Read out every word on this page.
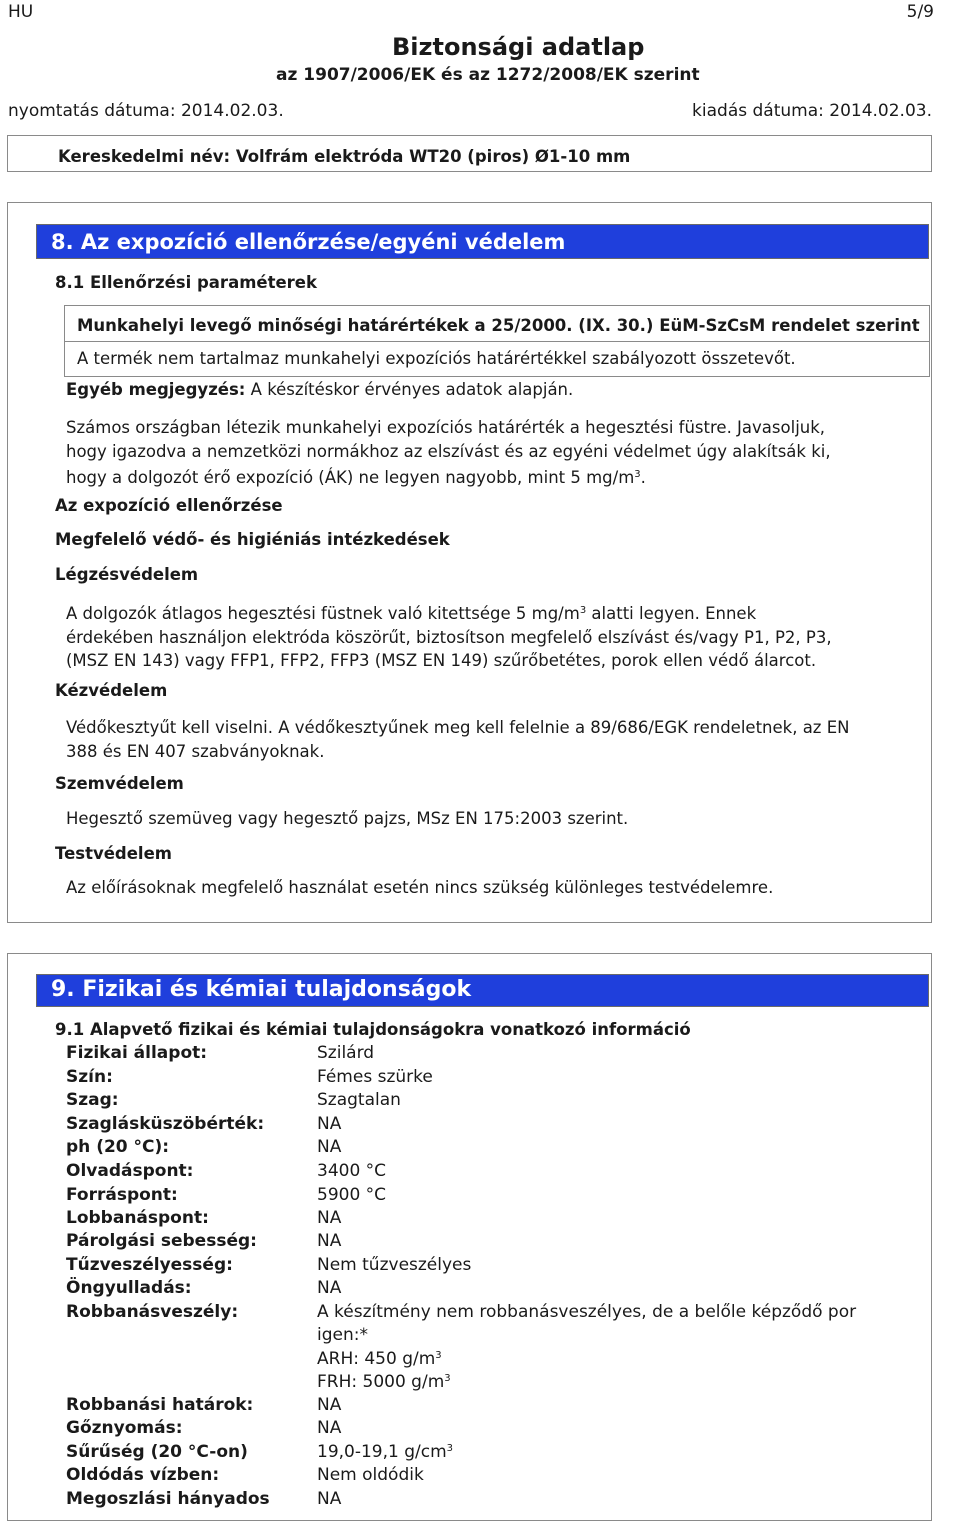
HU	5/9
Biztonsági adatlap
az 1907/2006/EK és az 1272/2008/EK szerint
nyomtatás dátuma: 2014.02.03.	kiadás dátuma: 2014.02.03.
Kereskedelmi név: Volfrám elektróda WT20 (piros) Ø1-10 mm
8. Az expozíció ellenőrzése/egyéni védelem
8.1 Ellenőrzési paraméterek
Munkahelyi levegő minőségi határértékek a 25/2000. (IX. 30.) EüM-SzCsM rendelet szerint
A termék nem tartalmaz munkahelyi expozíciós határértékkel szabályozott összetevőt.
Egyéb megjegyzés: A készítéskor érvényes adatok alapján.
Számos országban létezik munkahelyi expozíciós határérték a hegesztési füstre. Javasoljuk,
hogy igazodva a nemzetközi normákhoz az elszívást és az egyéni védelmet úgy alakítsák ki,
hogy a dolgozót érő expozíció (ÁK) ne legyen nagyobb, mint 5 $mg/m^3$.
Az expozíció ellenőrzése
Megfelelő védő- és higiéniás intézkedések
Légzésvédelem
A dolgozók átlagos hegesztési füstnek való kitettsége 5 $mg/m^3$ alatti legyen. Ennek
érdekében használjon elektróda köszörűt, biztosítson megfelelő elszívást és/vagy P1, P2, P3,
(MSZ EN 143) vagy FFP1, FFP2, FFP3 (MSZ EN 149) szűrőbetétes, porok ellen védő álarcot.
Kézvédelem
Védőkesztyűt kell viselni. A védőkesztyűnek meg kell felelnie a 89/686/EGK rendeletnek, az EN
388 és EN 407 szabványoknak.
Szemvédelem
Hegesztő szemüveg vagy hegesztő pajzs, MSz EN 175:2003 szerint.
Testvédelem
Az előírásoknak megfelelő használat esetén nincs szükség különleges testvédelemre.
9. Fizikai és kémiai tulajdonságok
9.1 Alapvető fizikai és kémiai tulajdonságokra vonatkozó információ
Fizikai állapot:	Szilárd
Szín:	Fémes szürke
Szag:	Szagtalan
Szaglásküszöbérték:	NA
ph (20 °C):	NA
Olvadáspont:	3400 °C
Forráspont:	5900 °C
Lobbanáspont:	NA
Párolgási sebesség:	NA
Tűzveszélyesség:	Nem tűzveszélyes
Öngyulladás:	NA
Robbanásveszély:	A készítmény nem robbanásveszélyes, de a belőle képződő por
igen:*
ARH: 450 $g/m^3$
FRH: 5000 $g/m^3$
Robbanási határok:	NA
Gőznyomás:	NA
Sűrűség (20 °C-on)	19,0-19,1 $g/cm^3$
Oldódás vízben:	Nem oldódik
Megoszlási hányados	NA
